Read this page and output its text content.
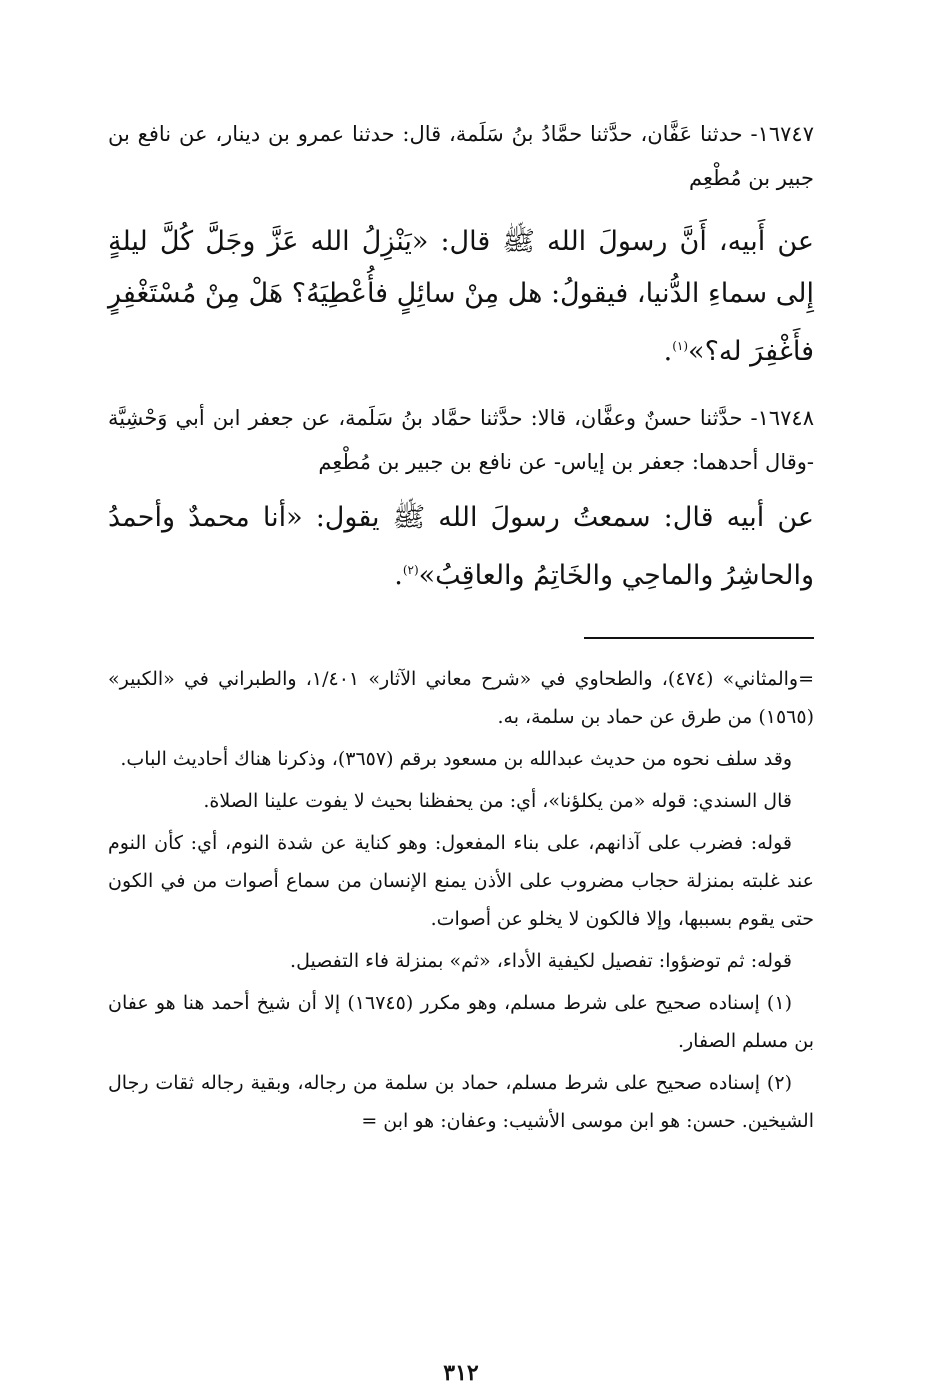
١٦٧٤٧- حدثنا عَفَّان، حدَّثنا حمَّادُ بنُ سَلَمة، قال: حدثنا عمرو بن دينار، عن نافع بن جبير بن مُطْعِم

عن أَبيه، أَنَّ رسولَ الله ﷺ قال: «يَنْزِلُ الله عَزَّ وجَلَّ كُلَّ ليلةٍ إِلى سماءِ الدُّنيا، فيقولُ: هل مِنْ سائِلٍ فأُعْطِيَهُ؟ هَلْ مِنْ مُسْتَغْفِرٍ فأَغْفِرَ له؟»$^{(١)}$.

١٦٧٤٨- حدَّثنا حسنٌ وعفَّان، قالا: حدَّثنا حمَّاد بنُ سَلَمة، عن جعفر ابن أبي وَحْشِيَّة -وقال أحدهما: جعفر بن إياس- عن نافع بن جبير بن مُطْعِم

عن أبيه قال: سمعتُ رسولَ الله ﷺ يقول: «أنا محمدٌ وأحمدُ والحاشِرُ والماحِي والخَاتِمُ والعاقِبُ»$^{(٢)}$.

=والمثاني» (٤٧٤)، والطحاوي في «شرح معاني الآثار» ١/٤٠١، والطبراني في «الكبير» (١٥٦٥) من طرق عن حماد بن سلمة، به.

وقد سلف نحوه من حديث عبدالله بن مسعود برقم (٣٦٥٧)، وذكرنا هناك أحاديث الباب.

قال السندي: قوله «من يكلؤنا»، أي: من يحفظنا بحيث لا يفوت علينا الصلاة.

قوله: فضرب على آذانهم، على بناء المفعول: وهو كناية عن شدة النوم، أي: كأن النوم عند غلبته بمنزلة حجاب مضروب على الأذن يمنع الإنسان من سماع أصوات من في الكون حتى يقوم بسببها، وإلا فالكون لا يخلو عن أصوات.

قوله: ثم توضؤوا: تفصيل لكيفية الأداء، «ثم» بمنزلة فاء التفصيل.

(١) إسناده صحيح على شرط مسلم، وهو مكرر (١٦٧٤٥) إلا أن شيخ أحمد هنا هو عفان بن مسلم الصفار.

(٢) إسناده صحيح على شرط مسلم، حماد بن سلمة من رجاله، وبقية رجاله ثقات رجال الشيخين. حسن: هو ابن موسى الأشيب: وعفان: هو ابن =

٣١٢
